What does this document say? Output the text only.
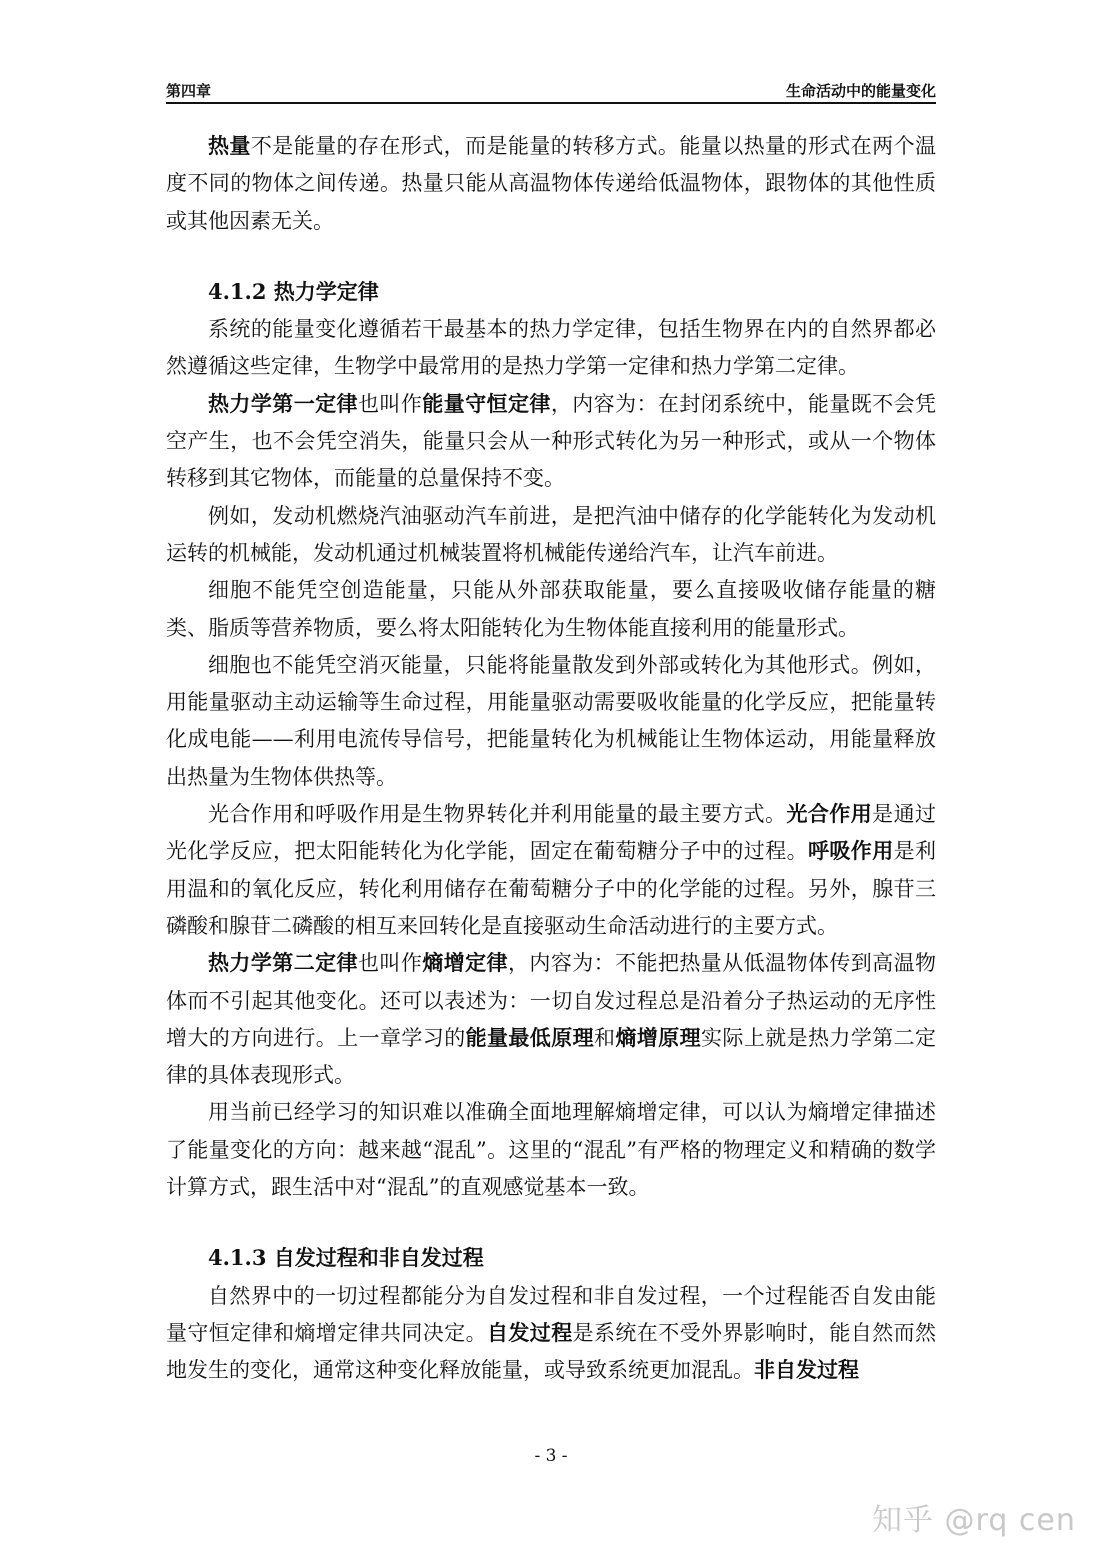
第四章	生命活动中的能量变化

热量不是能量的存在形式，而是能量的转移方式。能量以热量的形式在两个温度不同的物体之间传递。热量只能从高温物体传递给低温物体，跟物体的其他性质或其他因素无关。

4.1.2 热力学定律

系统的能量变化遵循若干最基本的热力学定律，包括生物界在内的自然界都必然遵循这些定律，生物学中最常用的是热力学第一定律和热力学第二定律。

热力学第一定律也叫作能量守恒定律，内容为：在封闭系统中，能量既不会凭空产生，也不会凭空消失，能量只会从一种形式转化为另一种形式，或从一个物体转移到其它物体，而能量的总量保持不变。

例如，发动机燃烧汽油驱动汽车前进，是把汽油中储存的化学能转化为发动机运转的机械能，发动机通过机械装置将机械能传递给汽车，让汽车前进。

细胞不能凭空创造能量，只能从外部获取能量，要么直接吸收储存能量的糖类、脂质等营养物质，要么将太阳能转化为生物体能直接利用的能量形式。

细胞也不能凭空消灭能量，只能将能量散发到外部或转化为其他形式。例如，用能量驱动主动运输等生命过程，用能量驱动需要吸收能量的化学反应，把能量转化成电能——利用电流传导信号，把能量转化为机械能让生物体运动，用能量释放出热量为生物体供热等。

光合作用和呼吸作用是生物界转化并利用能量的最主要方式。光合作用是通过光化学反应，把太阳能转化为化学能，固定在葡萄糖分子中的过程。呼吸作用是利用温和的氧化反应，转化利用储存在葡萄糖分子中的化学能的过程。另外，腺苷三磷酸和腺苷二磷酸的相互来回转化是直接驱动生命活动进行的主要方式。

热力学第二定律也叫作熵增定律，内容为：不能把热量从低温物体传到高温物体而不引起其他变化。还可以表述为：一切自发过程总是沿着分子热运动的无序性增大的方向进行。上一章学习的能量最低原理和熵增原理实际上就是热力学第二定律的具体表现形式。

用当前已经学习的知识难以准确全面地理解熵增定律，可以认为熵增定律描述了能量变化的方向：越来越“混乱”。这里的“混乱”有严格的物理定义和精确的数学计算方式，跟生活中对“混乱”的直观感觉基本一致。

4.1.3 自发过程和非自发过程

自然界中的一切过程都能分为自发过程和非自发过程，一个过程能否自发由能量守恒定律和熵增定律共同决定。自发过程是系统在不受外界影响时，能自然而然地发生的变化，通常这种变化释放能量，或导致系统更加混乱。非自发过程

- 3 -
知乎 @rq cen
